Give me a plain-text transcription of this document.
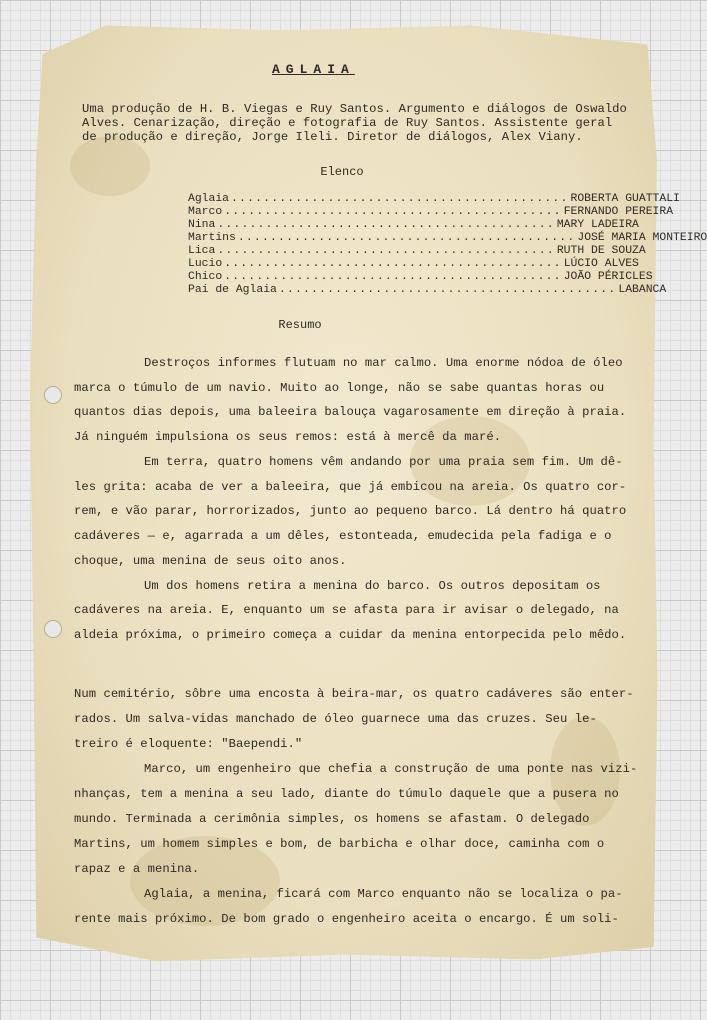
AGLAIA
Uma produção de H. B. Viegas e Ruy Santos. Argumento e diálogos de Oswaldo
Alves. Cenarização, direção e fotografia de Ruy Santos. Assistente geral
de produção e direção, Jorge Ileli. Diretor de diálogos, Alex Viany.
Elenco
Aglaia .......................................... ROBERTA GUATTALI
Marco .......................................... FERNANDO PEREIRA
Nina .......................................... MARY LADEIRA
Martins .......................................... JOSÉ MARIA MONTEIRO
Lica .......................................... RUTH DE SOUZA
Lucio .......................................... LÚCIO ALVES
Chico .......................................... JOÃO PÉRICLES
Pai de Aglaia .......................................... LABANCA
Resumo
Destroços informes flutuam no mar calmo. Uma enorme nódoa de óleo
marca o túmulo de um navio. Muito ao longe, não se sabe quantas horas ou
quantos dias depois, uma baleeira balouça vagarosamente em direção à praia.
Já ninguém impulsiona os seus remos: está à mercê da maré.
Em terra, quatro homens vêm andando por uma praia sem fim. Um dê-
les grita: acaba de ver a baleeira, que já embicou na areia. Os quatro cor-
rem, e vão parar, horrorizados, junto ao pequeno barco. Lá dentro há quatro
cadáveres — e, agarrada a um dêles, estonteada, emudecida pela fadiga e o
choque, uma menina de seus oito anos.
Um dos homens retira a menina do barco. Os outros depositam os
cadáveres na areia. E, enquanto um se afasta para ir avisar o delegado, na
aldeia próxima, o primeiro começa a cuidar da menina entorpecida pelo mêdo.
Num cemitério, sôbre uma encosta à beira-mar, os quatro cadáveres são enter-
rados. Um salva-vidas manchado de óleo guarnece uma das cruzes. Seu le-
treiro é eloquente: "Baependi."
Marco, um engenheiro que chefia a construção de uma ponte nas vizi-
nhanças, tem a menina a seu lado, diante do túmulo daquele que a pusera no
mundo. Terminada a cerimônia simples, os homens se afastam. O delegado
Martins, um homem simples e bom, de barbicha e olhar doce, caminha com o
rapaz e a menina.
Aglaia, a menina, ficará com Marco enquanto não se localiza o pa-
rente mais próximo. De bom grado o engenheiro aceita o encargo. É um soli-
